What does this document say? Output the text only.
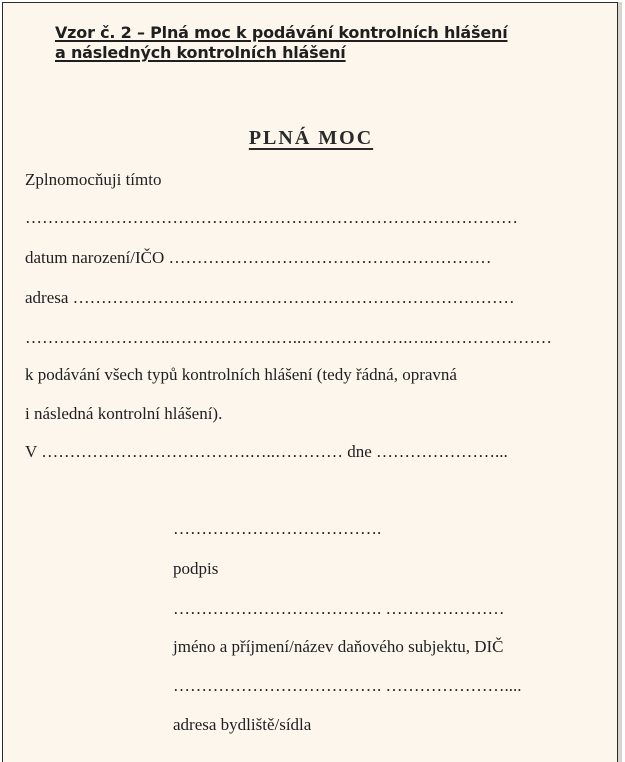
Vzor č. 2 – Plná moc k podávání kontrolních hlášení
a následných kontrolních hlášení
PLNÁ MOC
Zplnomocňuji tímto
……………………………………………………………………………
datum narození/IČO …………………………………………………
adresa ……………………………………………………………………
……………………..……………….…..……………….…..…………………
k podávání všech typů kontrolních hlášení (tedy řádná, opravná
i následná kontrolní hlášení).
V ……………………………….…..………… dne …………………...
……………………………….
podpis
………………………………. …………………
jméno a příjmení/název daňového subjektu, DIČ
………………………………. …………………....
adresa bydliště/sídla
